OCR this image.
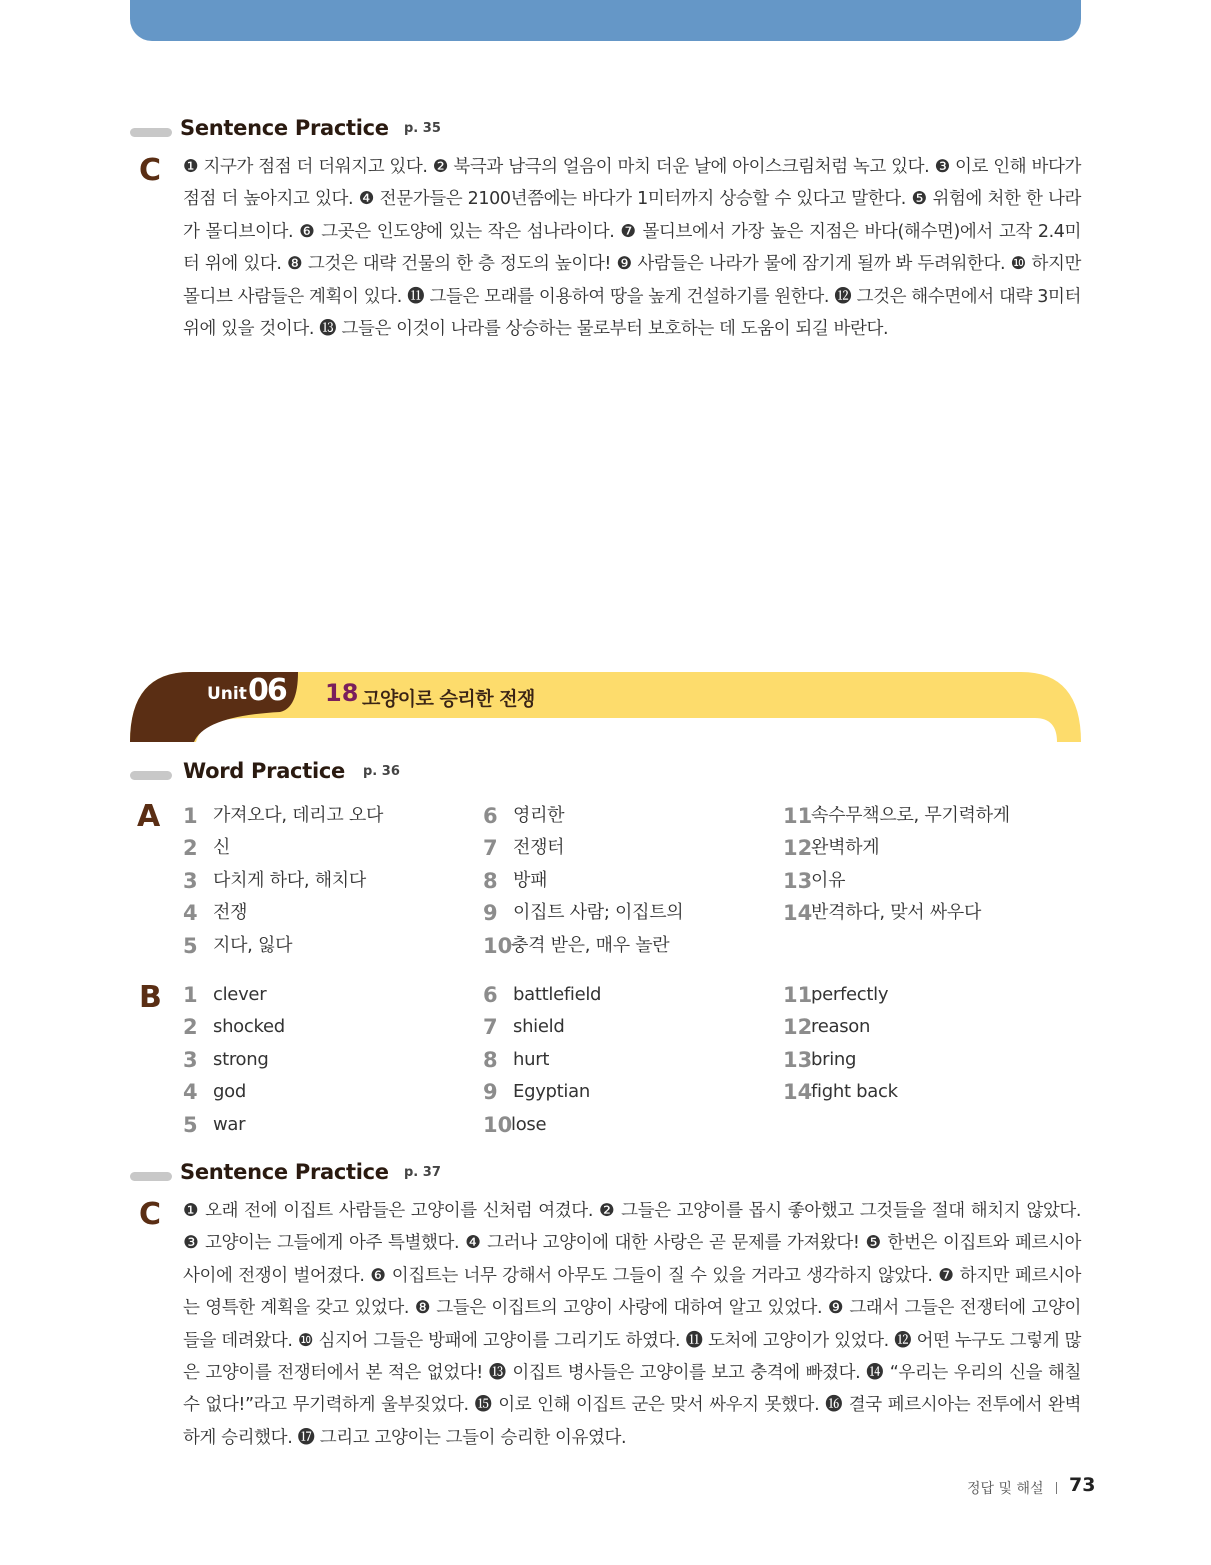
Sentence Practice p. 35
C ❶ 지구가 점점 더 더워지고 있다. ❷ 북극과 남극의 얼음이 마치 더운 날에 아이스크림처럼 녹고 있다. ❸ 이로 인해 바다가 점점 더 높아지고 있다. ❹ 전문가들은 2100년쯤에는 바다가 1미터까지 상승할 수 있다고 말한다. ❺ 위험에 처한 한 나라가 몰디브이다. ❻ 그곳은 인도양에 있는 작은 섬나라이다. ❼ 몰디브에서 가장 높은 지점은 바다(해수면)에서 고작 2.4미터 위에 있다. ❽ 그것은 대략 건물의 한 층 정도의 높이다! ❾ 사람들은 나라가 물에 잠기게 될까 봐 두려워한다. ❿ 하지만 몰디브 사람들은 계획이 있다. ⓫ 그들은 모래를 이용하여 땅을 높게 건설하기를 원한다. ⓬ 그것은 해수면에서 대략 3미터 위에 있을 것이다. ⓭ 그들은 이것이 나라를 상승하는 물로부터 보호하는 데 도움이 되길 바란다.
Unit 06 18 고양이로 승리한 전쟁
Word Practice p. 36
A
B
1 가져오다, 데리고 오다
2 신
3 다치게 하다, 해치다
4 전쟁
5 지다, 잃다
6 영리한
7 전쟁터
8 방패
9 이집트 사람; 이집트의
10
충격 받은, 매우 놀란
11
속수무책으로, 무기력하게
12
완벽하게
13
이유
14
반격하다, 맞서 싸우다
1 clever
2 shocked
3 strong
4 god
5 war
6 battlefield
7 shield
8 hurt
9 Egyptian
10
lose
11
perfectly
12
reason
13
bring
14
fight back
Sentence Practice p. 37
C ❶ 오래 전에 이집트 사람들은 고양이를 신처럼 여겼다. ❷ 그들은 고양이를 몹시 좋아했고 그것들을 절대 해치지 않았다. ❸ 고양이는 그들에게 아주 특별했다. ❹ 그러나 고양이에 대한 사랑은 곧 문제를 가져왔다! ❺ 한번은 이집트와 페르시아 사이에 전쟁이 벌어졌다. ❻ 이집트는 너무 강해서 아무도 그들이 질 수 있을 거라고 생각하지 않았다. ❼ 하지만 페르시아는 영특한 계획을 갖고 있었다. ❽ 그들은 이집트의 고양이 사랑에 대하여 알고 있었다. ❾ 그래서 그들은 전쟁터에 고양이들을 데려왔다. ❿ 심지어 그들은 방패에 고양이를 그리기도 하였다. ⓫ 도처에 고양이가 있었다. ⓬ 어떤 누구도 그렇게 많은 고양이를 전쟁터에서 본 적은 없었다! ⓭ 이집트 병사들은 고양이를 보고 충격에 빠졌다. ⓮ “우리는 우리의 신을 해칠 수 없다!”라고 무기력하게 울부짖었다. ⓯ 이로 인해 이집트 군은 맞서 싸우지 못했다. ⓰ 결국 페르시아는 전투에서 완벽하게 승리했다. ⓱ 그리고 고양이는 그들이 승리한 이유였다.
정답 및 해설 73
